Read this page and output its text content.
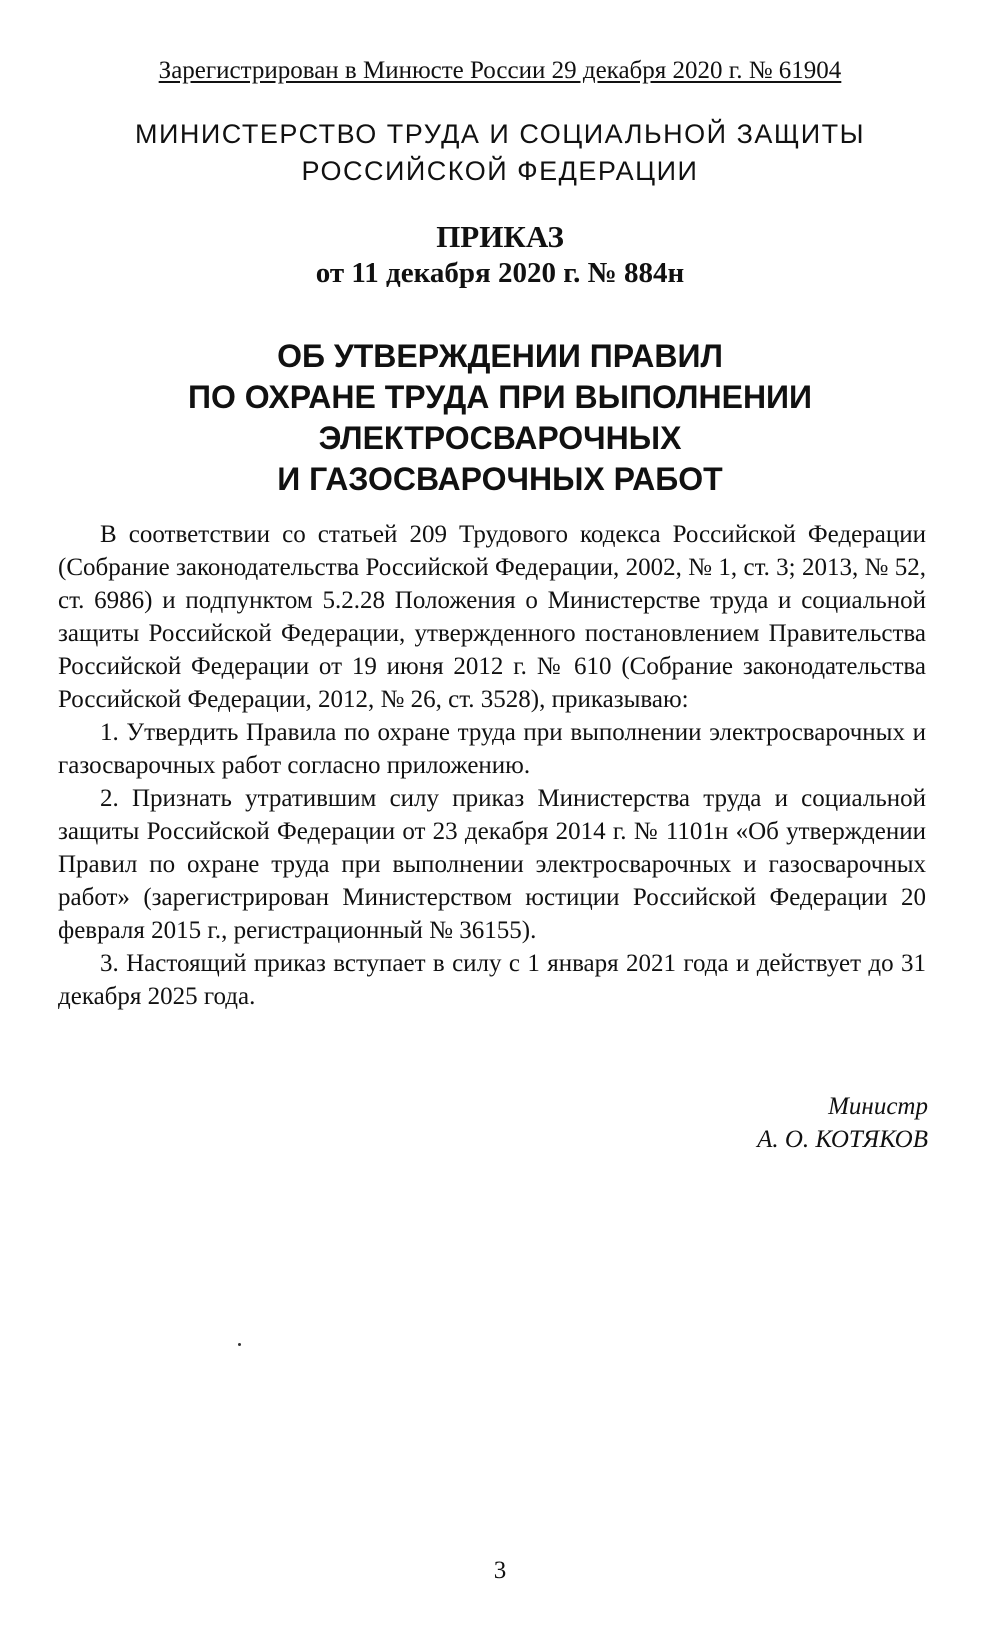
Зарегистрирован в Минюсте России 29 декабря 2020 г. № 61904
МИНИСТЕРСТВО ТРУДА И СОЦИАЛЬНОЙ ЗАЩИТЫ
РОССИЙСКОЙ ФЕДЕРАЦИИ
ПРИКАЗ
от 11 декабря 2020 г. № 884н
ОБ УТВЕРЖДЕНИИ ПРАВИЛ
ПО ОХРАНЕ ТРУДА ПРИ ВЫПОЛНЕНИИ
ЭЛЕКТРОСВАРОЧНЫХ
И ГАЗОСВАРОЧНЫХ РАБОТ

В соответствии со статьей 209 Трудового кодекса Российской Федерации (Собрание законодательства Российской Федерации, 2002, № 1, ст. 3; 2013, № 52, ст. 6986) и подпунктом 5.2.28 Положения о Министерстве труда и социальной защиты Российской Федерации, утвержденного постановлением Правительства Российской Федерации от 19 июня 2012 г. № 610 (Собрание законодательства Российской Федерации, 2012, № 26, ст. 3528), приказываю:

1. Утвердить Правила по охране труда при выполнении электросварочных и газосварочных работ согласно приложению.

2. Признать утратившим силу приказ Министерства труда и социальной защиты Российской Федерации от 23 декабря 2014 г. № 1101н «Об утверждении Правил по охране труда при выполнении электросварочных и газосварочных работ» (зарегистрирован Министерством юстиции Российской Федерации 20 февраля 2015 г., регистрационный № 36155).

3. Настоящий приказ вступает в силу с 1 января 2021 года и действует до 31 декабря 2025 года.

Министр
А. О. КОТЯКОВ
3
